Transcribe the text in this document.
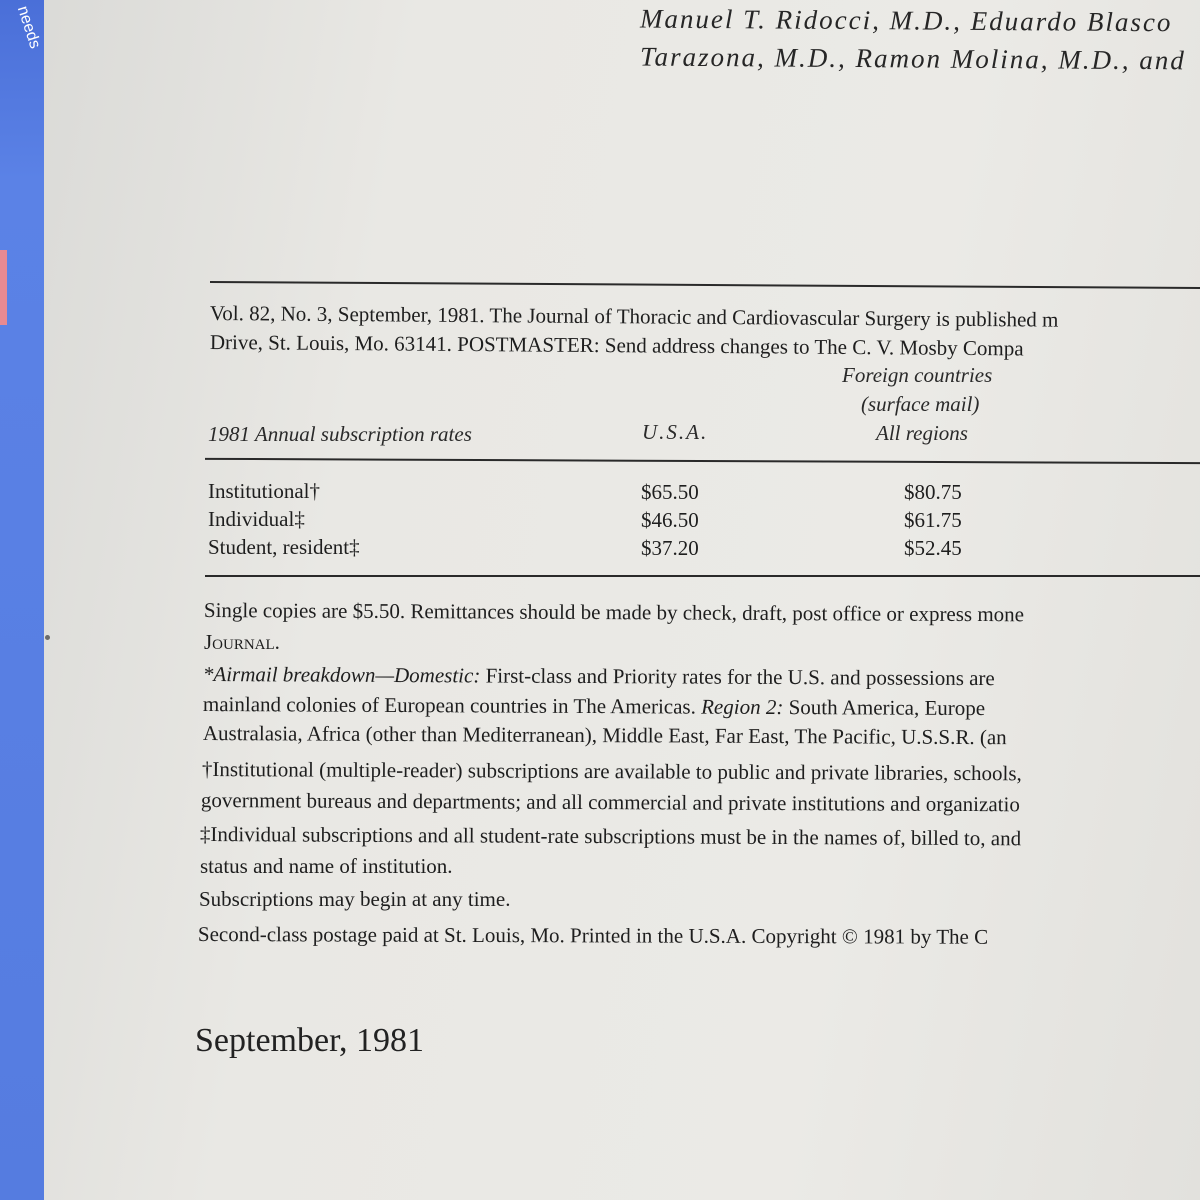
needs	Manuel T. Ridocci, M.D., Eduardo Blasco
Tarazona, M.D., Ramon Molina, M.D., and
Vol. 82, No. 3, September, 1981. The Journal of Thoracic and Cardiovascular Surgery is published m
Drive, St. Louis, Mo. 63141. POSTMASTER: Send address changes to The C. V. Mosby Compa
Foreign countries
(surface mail)
1981 Annual subscription rates	U.S.A.	All regions
Institutional†	$65.50	$80.75
Individual‡	$46.50	$61.75
Student, resident‡	$37.20	$52.45
Single copies are $5.50. Remittances should be made by check, draft, post office or express mone
Journal.
*Airmail breakdown—Domestic: First-class and Priority rates for the U.S. and possessions are
mainland colonies of European countries in The Americas. Region 2: South America, Europe
Australasia, Africa (other than Mediterranean), Middle East, Far East, The Pacific, U.S.S.R. (an
†Institutional (multiple-reader) subscriptions are available to public and private libraries, schools,
government bureaus and departments; and all commercial and private institutions and organizatio
‡Individual subscriptions and all student-rate subscriptions must be in the names of, billed to, and
status and name of institution.
Subscriptions may begin at any time.
Second-class postage paid at St. Louis, Mo. Printed in the U.S.A. Copyright © 1981 by The C
September, 1981
